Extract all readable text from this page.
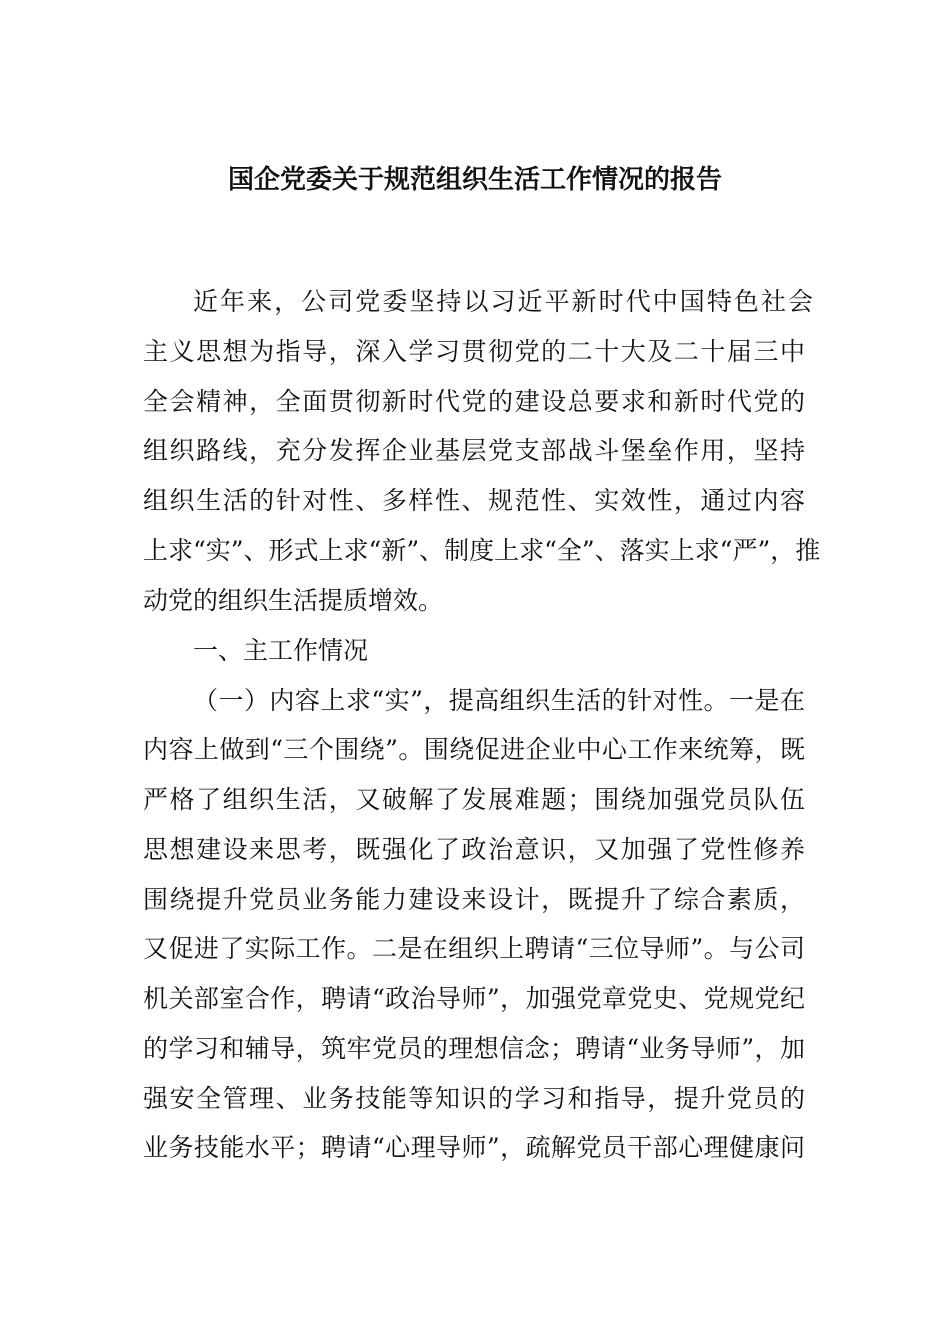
国企党委关于规范组织生活工作情况的报告
近年来，公司党委坚持以习近平新时代中国特色社会
主义思想为指导，深入学习贯彻党的二十大及二十届三中
全会精神，全面贯彻新时代党的建设总要求和新时代党的
组织路线，充分发挥企业基层党支部战斗堡垒作用，坚持
组织生活的针对性、多样性、规范性、实效性，通过内容
上求“实”、形式上求“新”、制度上求“全”、落实上求“严”，推
动党的组织生活提质增效。
一、主工作情况
（一）内容上求“实”，提高组织生活的针对性。一是在
内容上做到“三个围绕”。围绕促进企业中心工作来统筹，既
严格了组织生活，又破解了发展难题；围绕加强党员队伍
思想建设来思考，既强化了政治意识，又加强了党性修养
围绕提升党员业务能力建设来设计，既提升了综合素质，
又促进了实际工作。二是在组织上聘请“三位导师”。与公司
机关部室合作，聘请“政治导师”，加强党章党史、党规党纪
的学习和辅导，筑牢党员的理想信念；聘请“业务导师”，加
强安全管理、业务技能等知识的学习和指导，提升党员的
业务技能水平；聘请“心理导师”，疏解党员干部心理健康问
